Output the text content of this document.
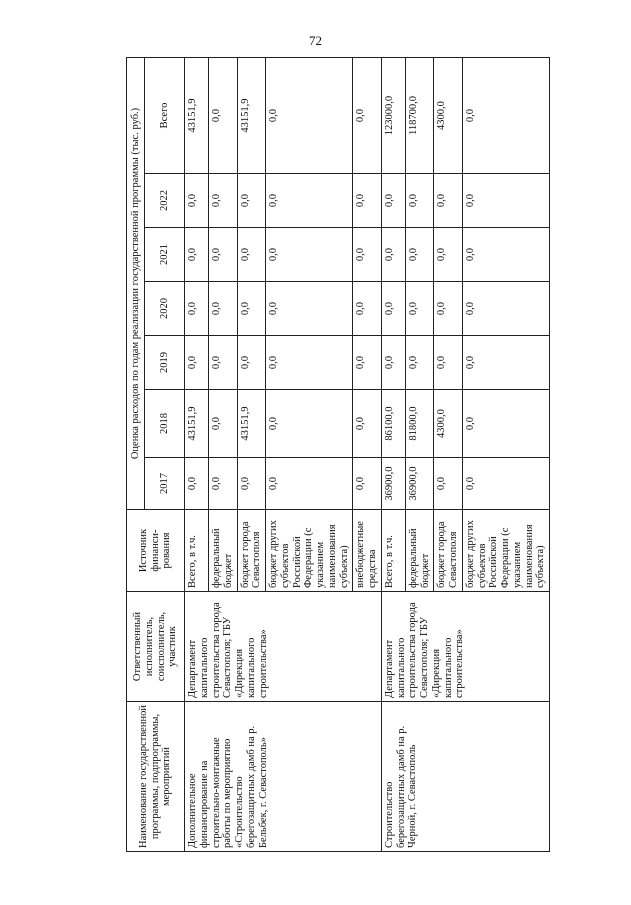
72
Наименование государственной программы, подпрограммы, мероприятий	Ответственный исполнитель, соисполнитель, участник	Источник финанси-рования	Оценка расходов по годам реализации государственной программы (тыс. руб.)						
			2017	2018	2019	2020	2021	2022	Всего
Дополнительное финансирование на строительно-монтажные работы по мероприятию «Строительство берегозащитных дамб на р. Бельбек, г. Севастополь»	Департамент капитального строительства города Севастополя; ГБУ «Дирекция капитального строительства»	Всего, в т.ч.	0,0	43151,9	0,0	0,0	0,0	0,0	43151,9
		федеральный бюджет	0,0	0,0	0,0	0,0	0,0	0,0	0,0
		бюджет города Севастополя	0,0	43151,9	0,0	0,0	0,0	0,0	43151,9
		бюджет других субъектов Российской Федерации (с указанием наименования субъекта)	0,0	0,0	0,0	0,0	0,0	0,0	0,0
		внебюджетные средства	0,0	0,0	0,0	0,0	0,0	0,0	0,0
Строительство берегозащитных дамб на р. Черной, г. Севастополь	Департамент капитального строительства города Севастополя; ГБУ «Дирекция капитального строительства»	Всего, в т.ч.	36900,0	86100,0	0,0	0,0	0,0	0,0	123000,0
		федеральный бюджет	36900,0	81800,0	0,0	0,0	0,0	0,0	118700,0
		бюджет города Севастополя	0,0	4300,0	0,0	0,0	0,0	0,0	4300,0
		бюджет других субъектов Российской Федерации (с указанием наименования субъекта)	0,0	0,0	0,0	0,0	0,0	0,0	0,0
